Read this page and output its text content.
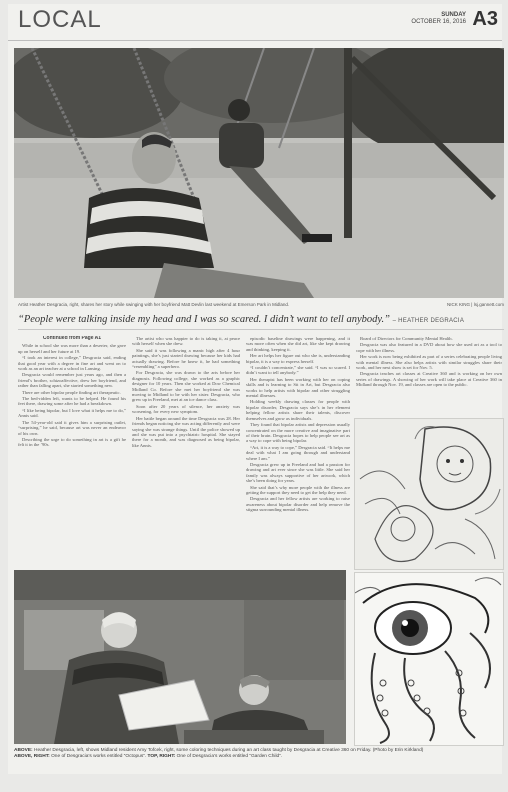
LOCAL	SUNDAY
OCTOBER 16, 2016 A3
Artist Heather Desgracia, right, shares her story while swinging with her boyfriend Matt Devlin last weekend at Emerson Park in Midland.	NICK KING | lsj.gannett.com
“People were talking inside my head and I was so scared. I didn’t want to tell anybody.” – HEATHER DEGRACIA
Continued from Page A1

While in school she was more than a deserter, she gave up on herself and her future at 19.

“I took an interest in college,” Desgracia said, ending that good year with a degree in fine art and went on to work as an art teacher at a school in Lansing.

Desgracia would remember just years ago, and then a friend’s brother, schizoaffective, drew her boyfriend, and rather than falling apart, she started something new.

There are other bipolar people finding art therapeutic.

The bed-ridden left, wants to be helped. He found his feet there, drawing some after he had a breakdown.

“I like being bipolar, but I love what it helps me to do,” Annis said.

The 54-year-old said it gives him a surprising outlet, “surprising,” he said, because art was never an endeavor of his own.

Describing the urge to do something in art is a gift he felt it in the ’90s.

The artist who was happier to do is taking it, at peace with herself when she drew.

She said it was following a manic high after 4 hour paintings, she’s just started drawing because her kids had actually drawing. Before he knew it, he had something “resembling” a superhero.

For Desgracia, she was drawn to the arts before her diagnosis. Following college, she worked as a graphic designer for 10 years. Then she worked at Dow Chemical Midland Co. Before she met her boyfriend she was moving to Midland to be with her sister. Desgracia, who grew up in Freeland, met at an ice dance class.

Soon after 20 years of silence, her anxiety was worsening, for every new symptom.

Her battle began around the time Desgracia was 28. Her friends began noticing she was acting differently and were saying she was strange things. Until the police showed up and she was put into a psychiatric hospital. She stayed there for a month, and was diagnosed as being bipolar, like Annis.

episodic baseline drawings were happening, and it was more often when she did art, like she kept drawing and thinking, keeping it.

Her art helps her figure out who she is, understanding bipolar, it is a way to express herself.

“I couldn’t concentrate,” she said. “I was so scared. I didn’t want to tell anybody.”

Her therapist has been working with her on coping skills and is learning to Sit in Art, but Desgracia also works to help artists with bipolar and other struggling mental illnesses.

Holding weekly drawing classes for people with bipolar disorder, Desgracia says she’s in her element helping fellow artists share their talents, discover themselves and grow as individuals.

They found that bipolar artists and depression usually concentrated on the more creative and imaginative part of their brain. Desgracia hopes to help people see art as a way to cope with being bipolar.

“Art, it is a way to cope,” Desgracia said. “It helps me deal with what I am going through and understand where I am.”

Desgracia grew up in Freeland and had a passion for drawing and art ever since she was little. She said her family was always supportive of her artwork, which she’s been doing for years.

She said that’s why more people with the illness are getting the support they need to get the help they need.

Desgracia and her fellow artists are working to raise awareness about bipolar disorder and help remove the stigma surrounding mental illness.

Board of Directors for Community Mental Health.

Desgracia was also featured in a DVD about how she used art as a tool to cope with her illness.

Her work is now being exhibited as part of a series celebrating people living with mental illness. She also helps artists with similar struggles share their work, and her next show is set for Nov. 5.

Desgracia teaches art classes at Creative 360 and is working on her own series of drawings. A showing of her work will take place at Creative 360 in Midland through Nov. 19, and classes are open to the public.

ABOVE: Heather Desgracia, left, shows Midland resident Amy Tofcek, right, some coloring techniques during an art class taught by Desgracia at Creative 360 on Friday. (Photo by Erin Kirkland)
ABOVE, RIGHT: One of Desgracia’s works entitled “Octopus”. TOP, RIGHT: One of Desgracia’s works entitled “Garden Child”.
